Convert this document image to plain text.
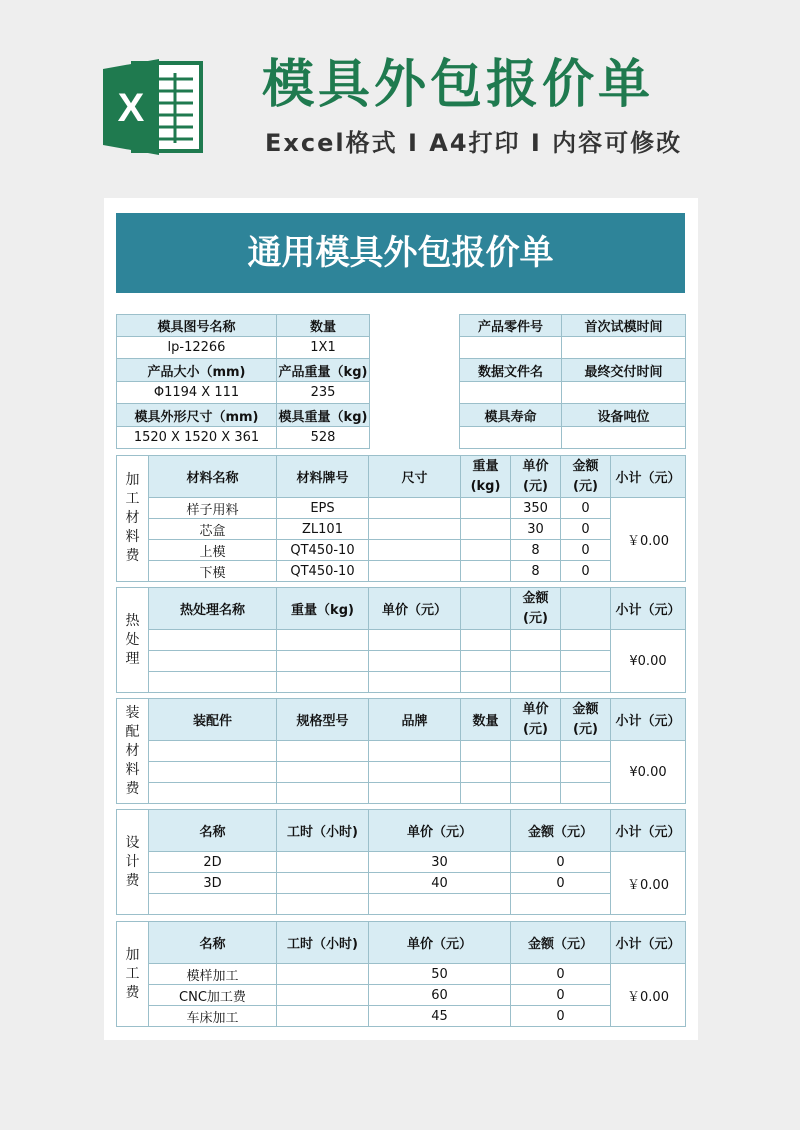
X 模具外包报价单
Excel格式 I A4打印 I 内容可修改
通用模具外包报价单
模具图号名称	数量
lp-12266	1X1
产品大小（mm)	产品重量（kg)
Φ1194 X 111	235
模具外形尺寸（mm)	模具重量（kg)
1520 X 1520 X 361	528
产品零件号	首次试模时间

数据文件名	最终交付时间

模具寿命	设备吨位

加工材料费	材料名称	材料牌号	尺寸	重量(kg)	单价(元)	金额(元)	小计（元）
	样子用料	EPS			350	0	￥0.00
	芯盒	ZL101			30	0	
	上模	QT450-10			8	0	
	下模	QT450-10			8	0	
热处理	热处理名称	重量（kg)	单价（元）		金额(元)		小计（元）
							¥0.00

装配材料费	装配件	规格型号	品牌	数量	单价(元)	金额(元)	小计（元）
							¥0.00

设计费	名称	工时（小时)	单价（元）	金额（元）	小计（元）
	2D		30	0	￥0.00
	3D		40	0	

加工费	名称	工时（小时)	单价（元）	金额（元）	小计（元）
	模样加工		50	0	￥0.00
	CNC加工费		60	0	
	车床加工		45	0	
